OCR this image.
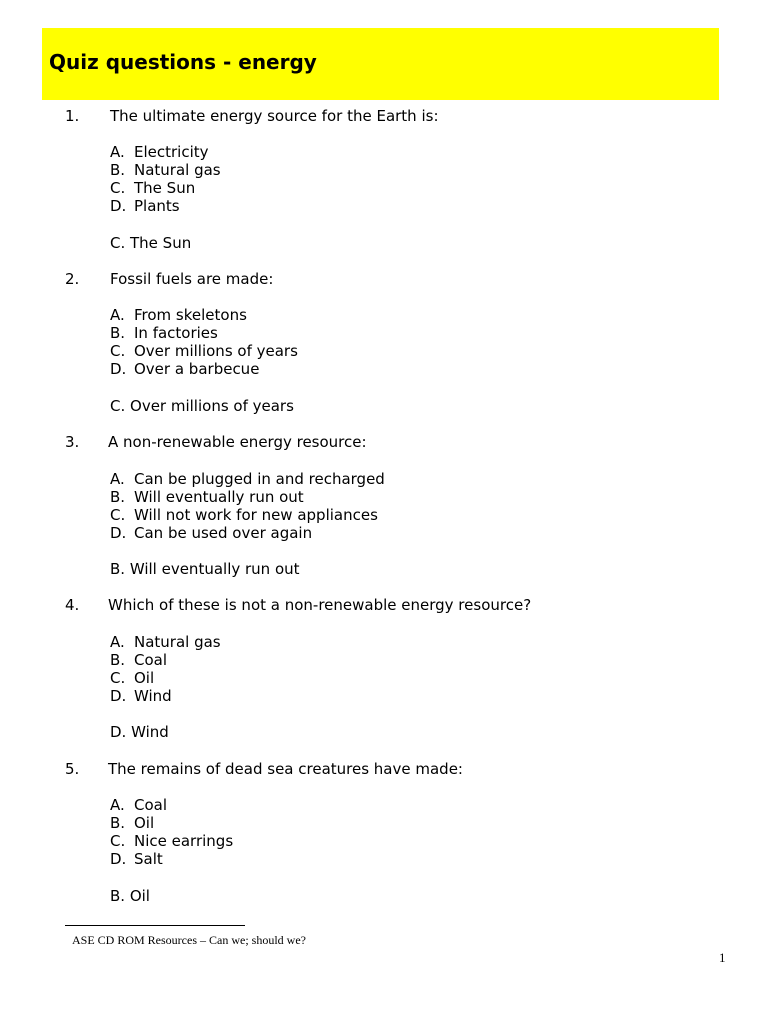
Quiz questions - energy
1. The ultimate energy source for the Earth is:
A. Electricity
B. Natural gas
C. The Sun
D. Plants
C. The Sun
2. Fossil fuels are made:
A. From skeletons
B. In factories
C. Over millions of years
D. Over a barbecue
C. Over millions of years
3. A non-renewable energy resource:
A. Can be plugged in and recharged
B. Will eventually run out
C. Will not work for new appliances
D. Can be used over again
B. Will eventually run out
4. Which of these is not a non-renewable energy resource?
A. Natural gas
B. Coal
C. Oil
D. Wind
D. Wind
5. The remains of dead sea creatures have made:
A. Coal
B. Oil
C. Nice earrings
D. Salt
B. Oil
ASE CD ROM Resources – Can we; should we?
1
